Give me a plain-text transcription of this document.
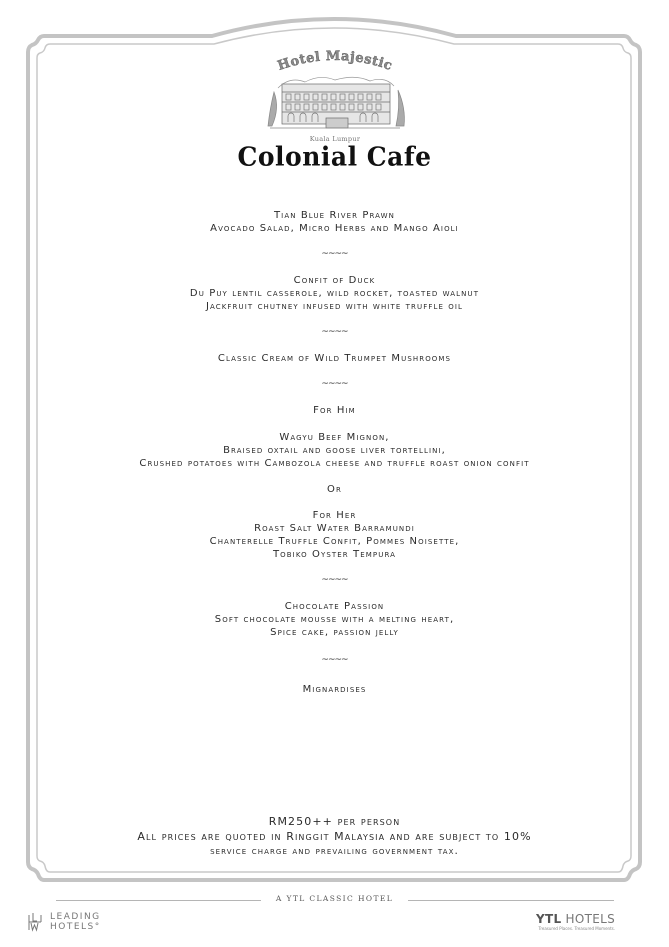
Hotel Majestic
Kuala Lumpur
Colonial Cafe
Tian Blue River Prawn
Avocado Salad, Micro Herbs and Mango Aioli
~~~~
Confit of Duck
Du Puy lentil casserole, wild rocket, toasted walnut
Jackfruit chutney infused with white truffle oil
~~~~
Classic Cream of Wild Trumpet Mushrooms
~~~~
For Him
Wagyu Beef Mignon,
Braised oxtail and goose liver tortellini,
Crushed potatoes with Cambozola cheese and truffle roast onion confit
Or
For Her
Roast Salt Water Barramundi
Chanterelle Truffle Confit, Pommes Noisette,
Tobiko Oyster Tempura
~~~~
Chocolate Passion
Soft chocolate mousse with a melting heart,
Spice cake, passion jelly
~~~~
Mignardises
RM250++ per person
All prices are quoted in Ringgit Malaysia and are subject to 10%
service charge and prevailing government tax.
A YTL CLASSIC HOTEL
LEADING
HOTELS°
YTL HOTELS
Treasured Places. Treasured Moments.
